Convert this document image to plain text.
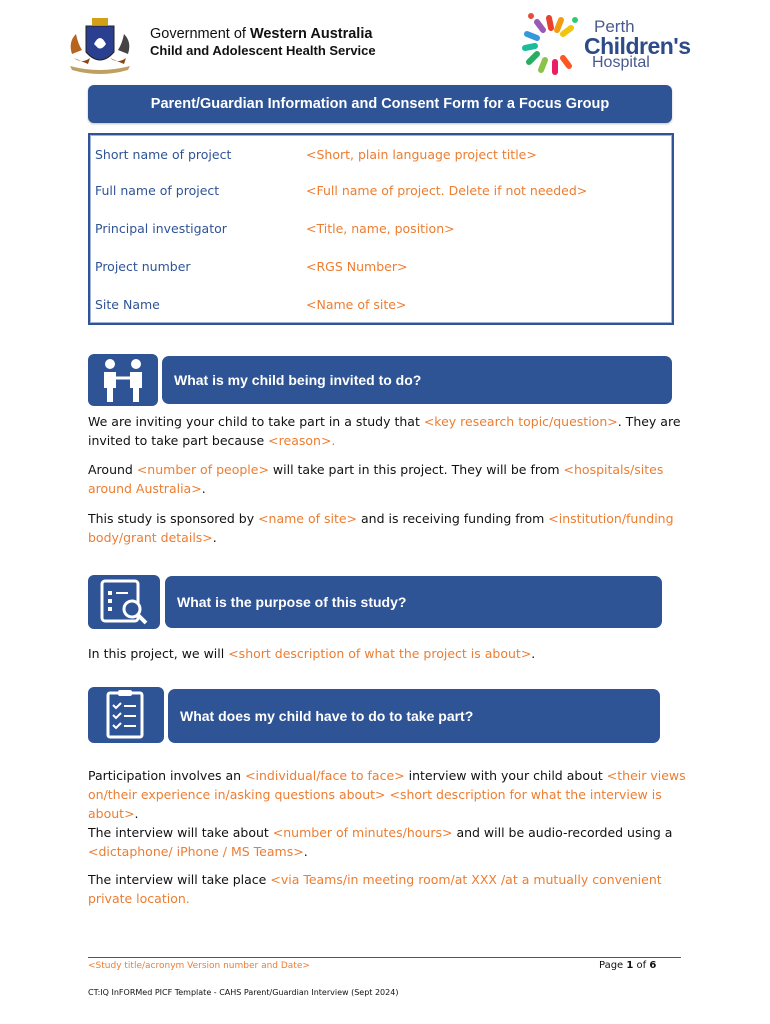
Government of Western Australia
Child and Adolescent Health Service
Perth
Children's
Hospital
Parent/Guardian Information and Consent Form for a Focus Group
Short name of project	<Short, plain language project title>
Full name of project	<Full name of project. Delete if not needed>
Principal investigator	<Title, name, position>
Project number	<RGS Number>
Site Name	<Name of site>
What is my child being invited to do?
We are inviting your child to take part in a study that <key research topic/question>. They are invited to take part because <reason>.
Around <number of people> will take part in this project. They will be from <hospitals/sites around Australia>.
This study is sponsored by <name of site> and is receiving funding from <institution/funding body/grant details>.
What is the purpose of this study?
In this project, we will <short description of what the project is about>.
What does my child have to do to take part?
Participation involves an <individual/face to face> interview with your child about <their views on/their experience in/asking questions about> <short description for what the interview is about>.
The interview will take about <number of minutes/hours> and will be audio-recorded using a <dictaphone/ iPhone / MS Teams>.
The interview will take place <via Teams/in meeting room/at XXX /at a mutually convenient private location.
<Study title/acronym Version number and Date>	Page 1 of 6
CT:IQ InFORMed PICF Template - CAHS Parent/Guardian Interview (Sept 2024)
